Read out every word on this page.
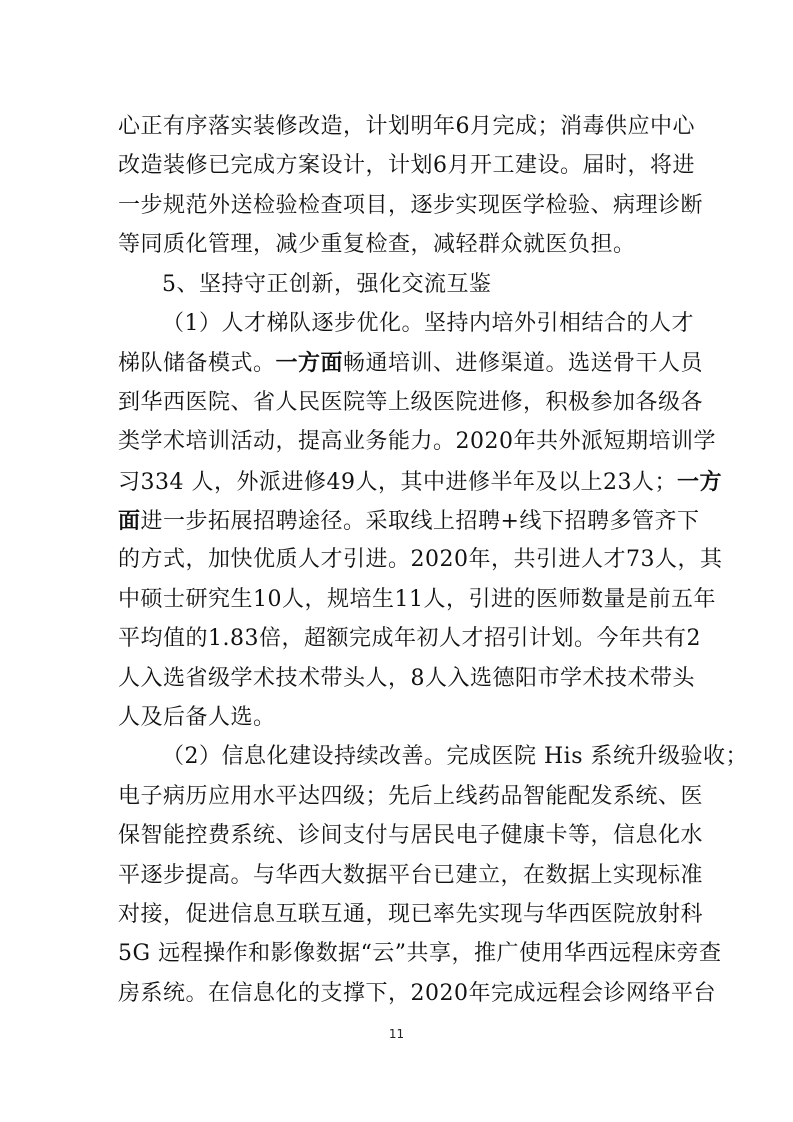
心正有序落实装修改造，计划明年6月完成；消毒供应中心
改造装修已完成方案设计，计划6月开工建设。届时，将进
一步规范外送检验检查项目，逐步实现医学检验、病理诊断
等同质化管理，减少重复检查，减轻群众就医负担。
5、坚持守正创新，强化交流互鉴
（1）人才梯队逐步优化。坚持内培外引相结合的人才
梯队储备模式。一方面畅通培训、进修渠道。选送骨干人员
到华西医院、省人民医院等上级医院进修，积极参加各级各
类学术培训活动，提高业务能力。2020年共外派短期培训学
习334 人，外派进修49人，其中进修半年及以上23人；一方
面进一步拓展招聘途径。采取线上招聘+线下招聘多管齐下
的方式，加快优质人才引进。2020年，共引进人才73人，其
中硕士研究生10人，规培生11人，引进的医师数量是前五年
平均值的1.83倍，超额完成年初人才招引计划。今年共有2
人入选省级学术技术带头人，8人入选德阳市学术技术带头
人及后备人选。
（2）信息化建设持续改善。完成医院 His 系统升级验收；
电子病历应用水平达四级；先后上线药品智能配发系统、医
保智能控费系统、诊间支付与居民电子健康卡等，信息化水
平逐步提高。与华西大数据平台已建立，在数据上实现标准
对接，促进信息互联互通，现已率先实现与华西医院放射科
5G 远程操作和影像数据“云”共享，推广使用华西远程床旁查
房系统。在信息化的支撑下，2020年完成远程会诊网络平台
11
